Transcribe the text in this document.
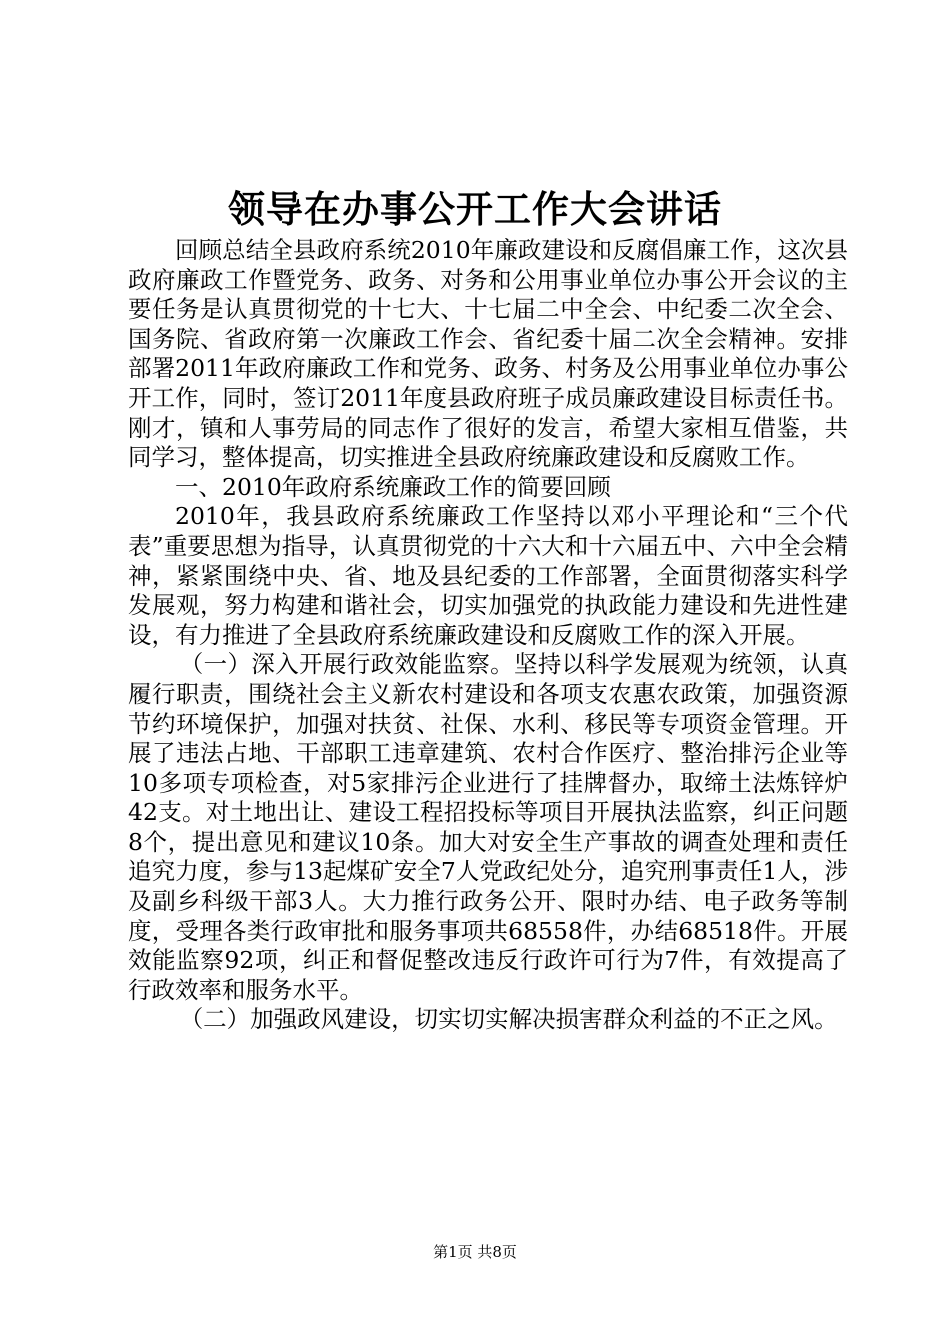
领导在办事公开工作大会讲话

回顾总结全县政府系统2010年廉政建设和反腐倡廉工作，这次县政府廉政工作暨党务、政务、对务和公用事业单位办事公开会议的主要任务是认真贯彻党的十七大、十七届二中全会、中纪委二次全会、国务院、省政府第一次廉政工作会、省纪委十届二次全会精神。安排部署2011年政府廉政工作和党务、政务、村务及公用事业单位办事公开工作，同时，签订2011年度县政府班子成员廉政建设目标责任书。刚才，镇和人事劳局的同志作了很好的发言，希望大家相互借鉴，共同学习，整体提高，切实推进全县政府统廉政建设和反腐败工作。

一、2010年政府系统廉政工作的简要回顾

2010年，我县政府系统廉政工作坚持以邓小平理论和“三个代表”重要思想为指导，认真贯彻党的十六大和十六届五中、六中全会精神，紧紧围绕中央、省、地及县纪委的工作部署，全面贯彻落实科学发展观，努力构建和谐社会，切实加强党的执政能力建设和先进性建设，有力推进了全县政府系统廉政建设和反腐败工作的深入开展。

（一）深入开展行政效能监察。坚持以科学发展观为统领，认真履行职责，围绕社会主义新农村建设和各项支农惠农政策，加强资源节约环境保护，加强对扶贫、社保、水利、移民等专项资金管理。开展了违法占地、干部职工违章建筑、农村合作医疗、整治排污企业等10多项专项检查，对5家排污企业进行了挂牌督办，取缔土法炼锌炉42支。对土地出让、建设工程招投标等项目开展执法监察，纠正问题8个，提出意见和建议10条。加大对安全生产事故的调查处理和责任追究力度，参与13起煤矿安全7人党政纪处分，追究刑事责任1人，涉及副乡科级干部3人。大力推行政务公开、限时办结、电子政务等制度，受理各类行政审批和服务事项共68558件，办结68518件。开展效能监察92项，纠正和督促整改违反行政许可行为7件，有效提高了行政效率和服务水平。

（二）加强政风建设，切实切实解决损害群众利益的不正之风。

第1页 共8页
